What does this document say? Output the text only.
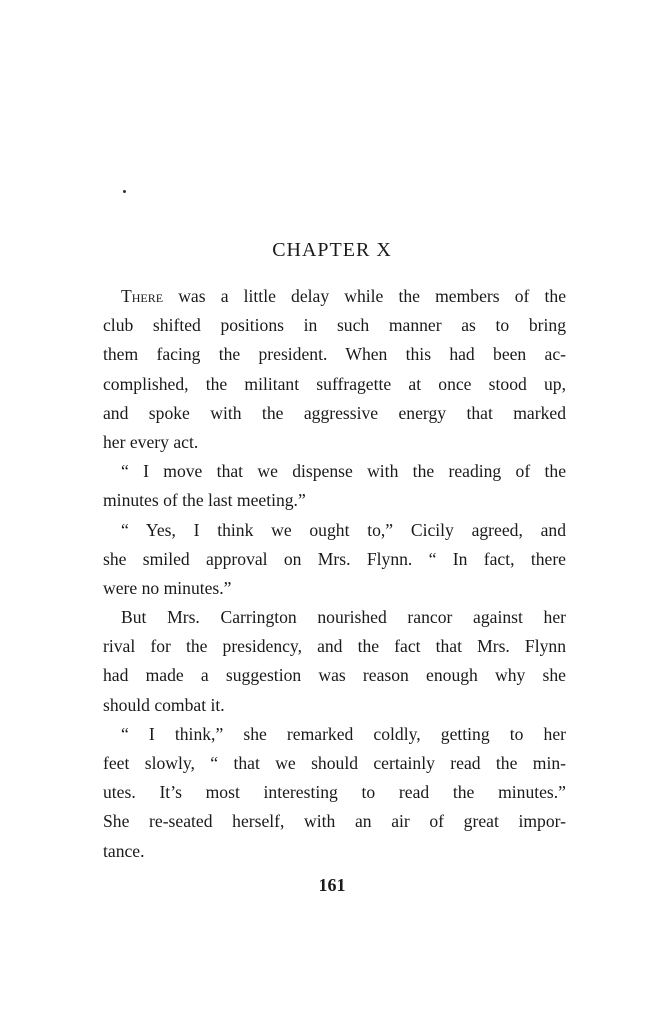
CHAPTER X
There was a little delay while the members of the
club shifted positions in such manner as to bring
them facing the president. When this had been ac-
complished, the militant suffragette at once stood up,
and spoke with the aggressive energy that marked
her every act.
“ I move that we dispense with the reading of the
minutes of the last meeting.”
“ Yes, I think we ought to,” Cicily agreed, and
she smiled approval on Mrs. Flynn. “ In fact, there
were no minutes.”
But Mrs. Carrington nourished rancor against her
rival for the presidency, and the fact that Mrs. Flynn
had made a suggestion was reason enough why she
should combat it.
“ I think,” she remarked coldly, getting to her
feet slowly, “ that we should certainly read the min-
utes. It’s most interesting to read the minutes.”
She re-seated herself, with an air of great impor-
tance.
161
